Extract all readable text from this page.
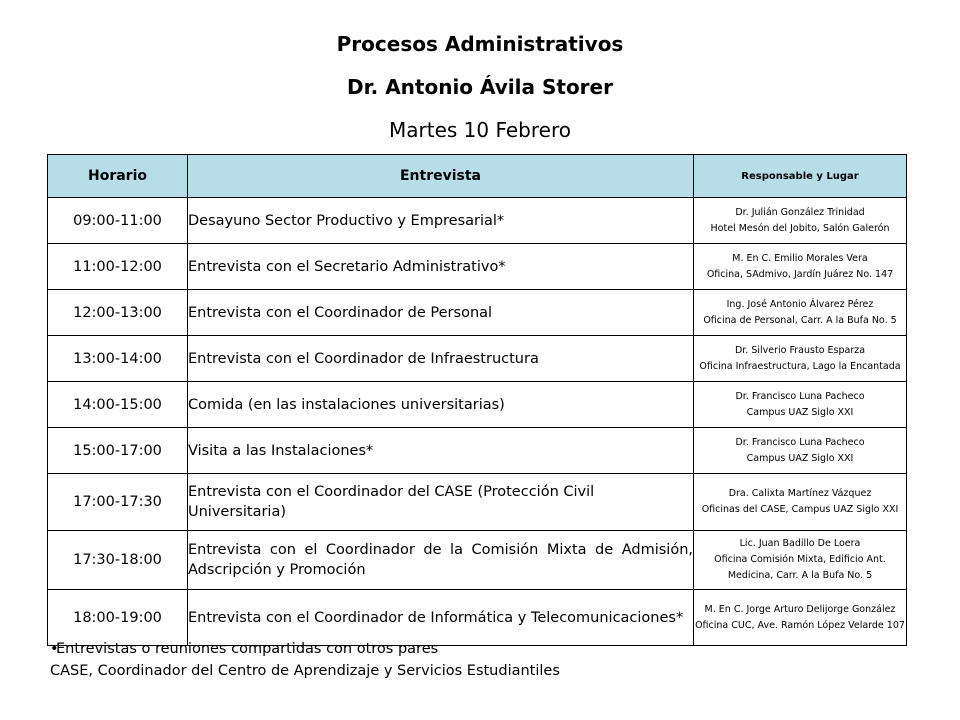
Procesos Administrativos
Dr. Antonio Ávila Storer
Martes 10 Febrero
Horario	Entrevista	Responsable y Lugar
09:00-11:00	Desayuno Sector Productivo y Empresarial*	Dr. Julián González Trinidad
Hotel Mesón del Jobito, Salón Galerón

11:00-12:00	Entrevista con el Secretario Administrativo*	M. En C. Emilio Morales Vera
Oficina, SAdmivo, Jardín Juárez No. 147

12:00-13:00	Entrevista con el Coordinador de Personal	Ing. José Antonio Álvarez Pérez
Oficina de Personal, Carr. A la Bufa No. 5

13:00-14:00	Entrevista con el Coordinador de Infraestructura	Dr. Silverio Frausto Esparza
Oficina Infraestructura, Lago la Encantada

14:00-15:00	Comida (en las instalaciones universitarias)	Dr. Francisco Luna Pacheco
Campus UAZ Siglo XXI

15:00-17:00	Visita a las Instalaciones*	Dr. Francisco Luna Pacheco
Campus UAZ Siglo XXI

17:00-17:30	Entrevista con el Coordinador del CASE (Protección Civil Universitaria)	Dra. Calixta Martínez Vázquez
Oficinas del CASE, Campus UAZ Siglo XXI

17:30-18:00	Entrevista con el Coordinador de la Comisión Mixta de Admisión, Adscripción y Promoción	Lic. Juan Badillo De Loera
Oficina Comisión Mixta, Edificio Ant. Medicina, Carr. A la Bufa No. 5

18:00-19:00	Entrevista con el Coordinador de Informática y Telecomunicaciones*	M. En C. Jorge Arturo Delijorge González
Oficina CUC, Ave. Ramón López Velarde 107
•Entrevistas o reuniones compartidas con otros pares
CASE, Coordinador del Centro de Aprendizaje y Servicios Estudiantiles
